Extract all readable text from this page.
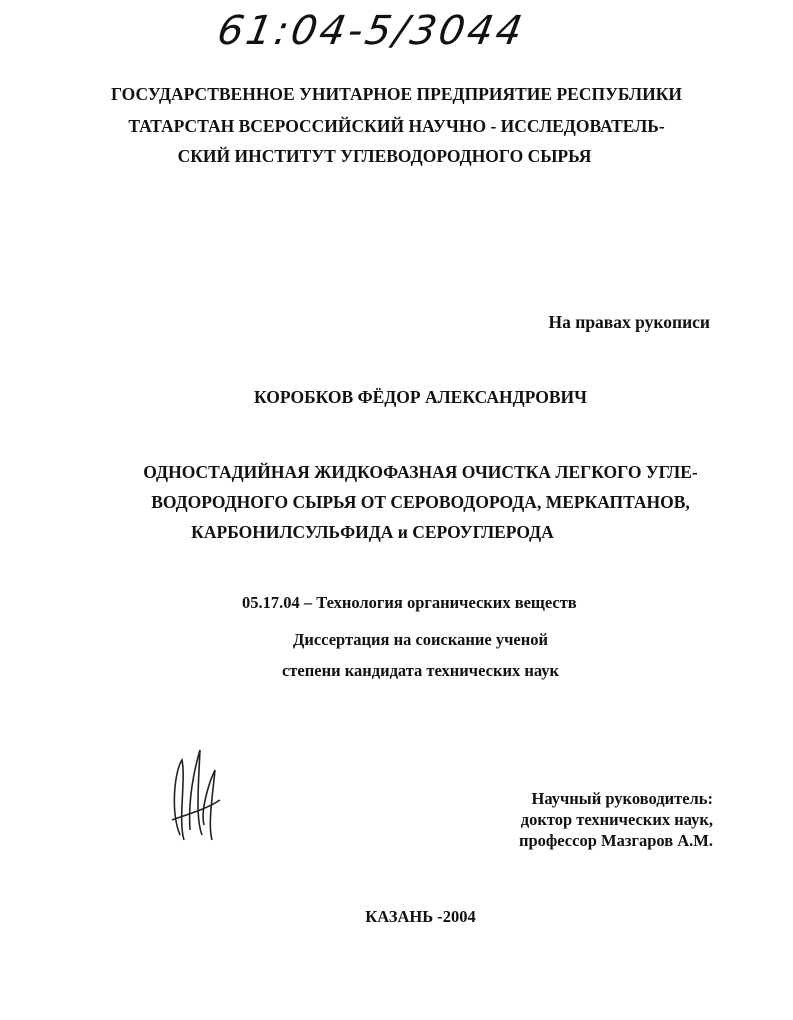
61:04-5/3044
ГОСУДАРСТВЕННОЕ УНИТАРНОЕ ПРЕДПРИЯТИЕ РЕСПУБЛИКИ
ТАТАРСТАН ВСЕРОССИЙСКИЙ НАУЧНО - ИССЛЕДОВАТЕЛЬ-
СКИЙ ИНСТИТУТ УГЛЕВОДОРОДНОГО СЫРЬЯ
На правах рукописи
КОРОБКОВ ФЁДОР АЛЕКСАНДРОВИЧ
ОДНОСТАДИЙНАЯ ЖИДКОФАЗНАЯ ОЧИСТКА ЛЕГКОГО УГЛЕ-
ВОДОРОДНОГО СЫРЬЯ ОТ СЕРОВОДОРОДА, МЕРКАПТАНОВ,
КАРБОНИЛСУЛЬФИДА и СЕРОУГЛЕРОДА
05.17.04 – Технология органических веществ
Диссертация на соискание ученой
степени кандидата технических наук
Научный руководитель:
доктор технических наук,
профессор Мазгаров А.М.
КАЗАНЬ -2004
